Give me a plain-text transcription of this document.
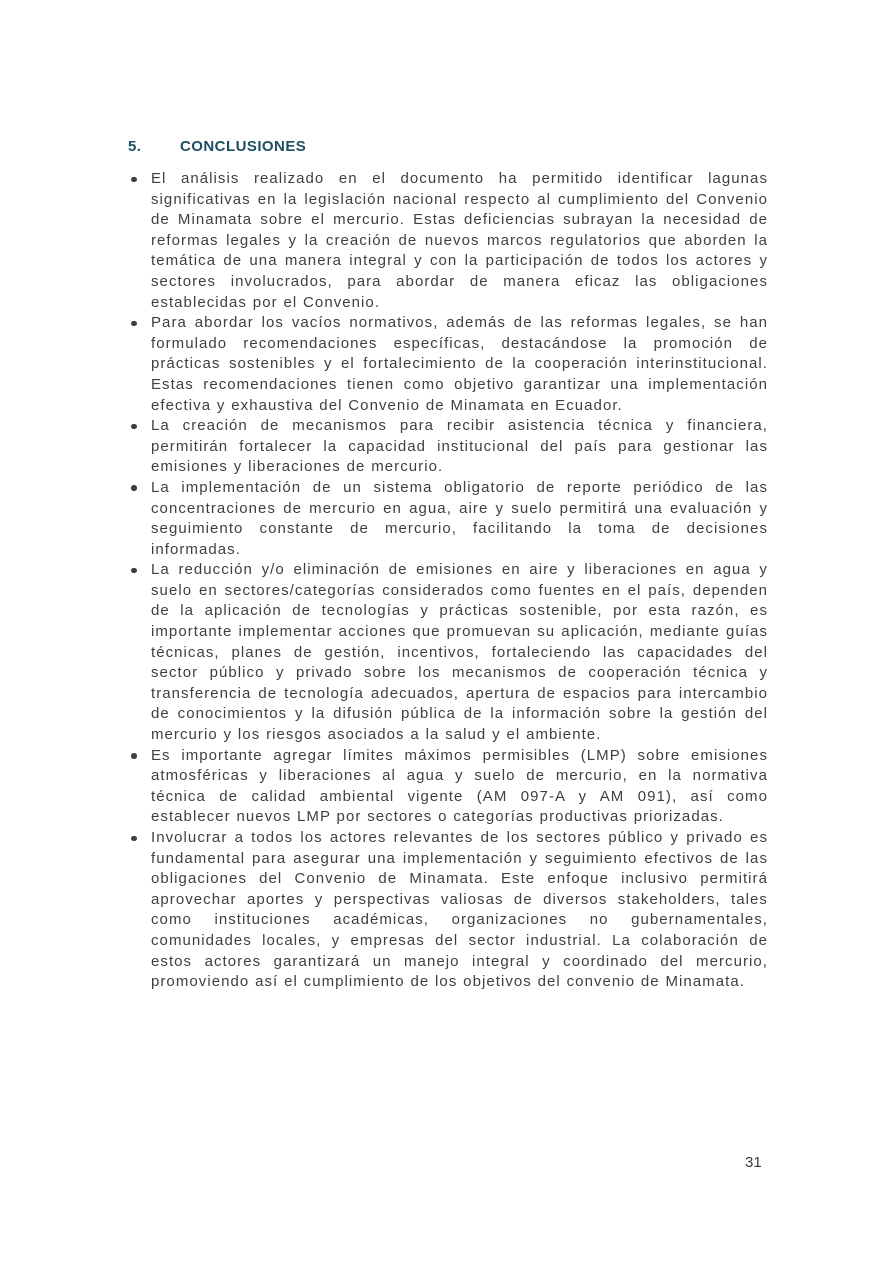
5.	CONCLUSIONES
El análisis realizado en el documento ha permitido identificar lagunas significativas en la legislación nacional respecto al cumplimiento del Convenio de Minamata sobre el mercurio. Estas deficiencias subrayan la necesidad de reformas legales y la creación de nuevos marcos regulatorios que aborden la temática de una manera integral y con la participación de todos los actores y sectores involucrados, para abordar de manera eficaz las obligaciones establecidas por el Convenio.
Para abordar los vacíos normativos, además de las reformas legales, se han formulado recomendaciones específicas, destacándose la promoción de prácticas sostenibles y el fortalecimiento de la cooperación interinstitucional. Estas recomendaciones tienen como objetivo garantizar una implementación efectiva y exhaustiva del Convenio de Minamata en Ecuador.
La creación de mecanismos para recibir asistencia técnica y financiera, permitirán fortalecer la capacidad institucional del país para gestionar las emisiones y liberaciones de mercurio.
La implementación de un sistema obligatorio de reporte periódico de las concentraciones de mercurio en agua, aire y suelo permitirá una evaluación y seguimiento constante de mercurio, facilitando la toma de decisiones informadas.
La reducción y/o eliminación de emisiones en aire y liberaciones en agua y suelo en sectores/categorías considerados como fuentes en el país, dependen de la aplicación de tecnologías y prácticas sostenible, por esta razón, es importante implementar acciones que promuevan su aplicación, mediante guías técnicas, planes de gestión, incentivos, fortaleciendo las capacidades del sector público y privado sobre los mecanismos de cooperación técnica y transferencia de tecnología adecuados, apertura de espacios para intercambio de conocimientos y la difusión pública de la información sobre la gestión del mercurio y los riesgos asociados a la salud y el ambiente.
Es importante agregar límites máximos permisibles (LMP) sobre emisiones atmosféricas y liberaciones al agua y suelo de mercurio, en la normativa técnica de calidad ambiental vigente (AM 097-A y AM 091), así como establecer nuevos LMP por sectores o categorías productivas priorizadas.
Involucrar a todos los actores relevantes de los sectores público y privado es fundamental para asegurar una implementación y seguimiento efectivos de las obligaciones del Convenio de Minamata. Este enfoque inclusivo permitirá aprovechar aportes y perspectivas valiosas de diversos stakeholders, tales como instituciones académicas, organizaciones no gubernamentales, comunidades locales, y empresas del sector industrial. La colaboración de estos actores garantizará un manejo integral y coordinado del mercurio, promoviendo así el cumplimiento de los objetivos del convenio de Minamata.
31
